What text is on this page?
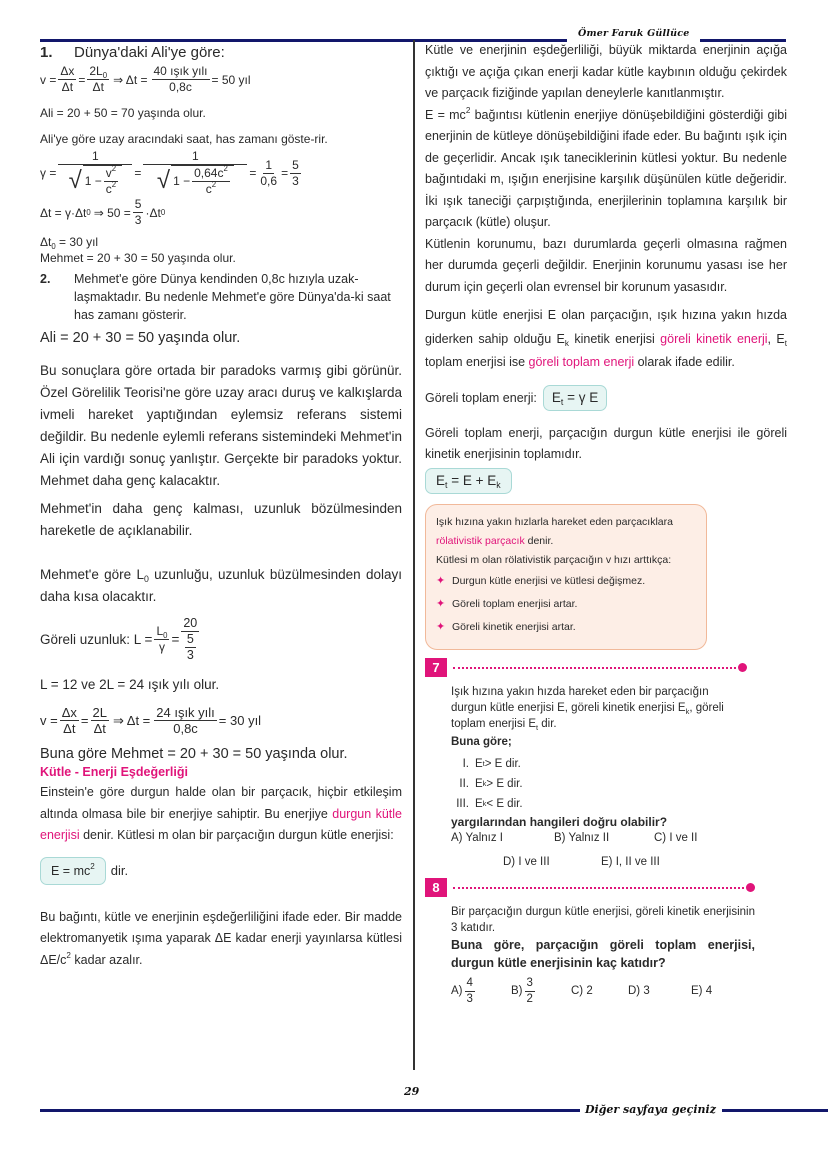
Ömer Faruk Güllüce
1.	Dünya'daki Ali'ye göre:
$v = \frac{\Delta x}{\Delta t} = \frac{2L_0}{\Delta t}$ ⇒ $\Delta t = \frac{\text{40 ışık yılı}}{0,8c} = 50$ yıl
Ali = 20 + 50 = 70 yaşında olur.
Ali'ye göre uzay aracındaki saat, has zamanı göste-rir.
$\gamma = \frac{1}{√ 1 - \frac{v^2}{c^2}} = \frac{1}{√ 1 - \frac{0,64c^2}{c^2}} = \frac{1}{0,6} = \frac{5}{3}$
Δt = γ·Δt 0 ⇒ $50 = \frac{5}{3} \cdot\Delta t$ 0
$\Delta t_0 = 30$ yıl
Mehmet = 20 + 30 = 50 yaşında olur.
2.	Mehmet'e göre Dünya kendinden 0,8c hızıyla uzak-laşmaktadır. Bu nedenle Mehmet'e göre Dünya'da-ki saat has zamanı gösterir.
Ali = 20 + 30 = 50 yaşında olur.
Bu sonuçlara göre ortada bir paradoks varmış gibi görünür. Özel Görelilik Teorisi'ne göre uzay aracı duruş ve kalkışlarda ivmeli hareket yaptığından eylemsiz referans sistemi değildir. Bu nedenle eylemli referans sistemindeki Mehmet'in Ali için vardığı sonuç yanlıştır. Gerçekte bir paradoks yoktur. Mehmet daha genç kalacaktır.
Mehmet'in daha genç kalması, uzunluk bözülmesinden hareketle de açıklanabilir.
Mehmet'e göre $L_0$ uzunluğu, uzunluk büzülmesinden dolayı daha kısa olacaktır.
Göreli uzunluk: $L = \frac{L_0}{\gamma} = \frac{20}{\frac{5}{3}}$
L = 12 ve 2L = 24 ışık yılı olur.
$v = \frac{\Delta x}{\Delta t} = \frac{2L}{\Delta t}$ ⇒ $\Delta t = \frac{\text{24 ışık yılı}}{0,8c} = 30$ yıl
Buna göre Mehmet = 20 + 30 = 50 yaşında olur.
Kütle - Enerji Eşdeğerliği
Einstein'e göre durgun halde olan bir parçacık, hiçbir etkileşim altında olmasa bile bir enerjiye sahiptir. Bu enerjiye durgun kütle enerjisi denir. Kütlesi m olan bir parçacığın durgun kütle enerjisi:
$E = mc^2$	dir.
Bu bağıntı, kütle ve enerjinin eşdeğerliliğini ifade eder. Bir madde elektromanyetik ışıma yaparak ΔE kadar enerji yayınlarsa kütlesi $\Delta E/c^2$ kadar azalır.
Kütle ve enerjinin eşdeğerliliği, büyük miktarda enerjinin açığa çıktığı ve açığa çıkan enerji kadar kütle kaybının olduğu çekirdek ve parçacık fiziğinde yapılan deneylerle kanıtlanmıştır.
$E = mc^2$ bağıntısı kütlenin enerjiye dönüşebildiğini gösterdiği gibi enerjinin de kütleye dönüşebildiğini ifade eder. Bu bağıntı ışık için de geçerlidir. Ancak ışık taneciklerinin kütlesi yoktur. Bu nedenle bağıntıdaki m, ışığın enerjisine karşılık düşünülen kütle değeridir. İki ışık taneciği çarpıştığında, enerjilerinin toplamına karşılık bir parçacık (kütle) oluşur.
Kütlenin korunumu, bazı durumlarda geçerli olmasına rağmen her durumda geçerli değildir. Enerjinin korunumu yasası ise her durum için geçerli olan evrensel bir korunum yasasıdır.
Durgun kütle enerjisi E olan parçacığın, ışık hızına yakın hızda giderken sahip olduğu $E_k$ kinetik enerjisi göreli kinetik enerji, $E_t$ toplam enerjisi ise göreli toplam enerji olarak ifade edilir.
Göreli toplam enerji:	$E_t = \gamma$ E
Göreli toplam enerji, parçacığın durgun kütle enerjisi ile göreli kinetik enerjisinin toplamıdır.
$E_t = E + E_k$
Işık hızına yakın hızlarla hareket eden parçacıklara rölativistik parçacık denir.
Kütlesi m olan rölativistik parçacığın v hızı arttıkça:
✦ Durgun kütle enerjisi ve kütlesi değişmez.
✦ Göreli toplam enerjisi artar.
✦ Göreli kinetik enerjisi artar.
7
Işık hızına yakın hızda hareket eden bir parçacığın durgun kütle enerjisi E, göreli kinetik enerjisi $E_k$, göreli toplam enerjisi $E_t$ dir.
Buna göre;
I. E t > E dir.
II. E k > E dir.
III. E k < E dir.
yargılarından hangileri doğru olabilir?
A) Yalnız I	B) Yalnız II	C) I ve II
D) I ve III	E) I, II ve III
8
Bir parçacığın durgun kütle enerjisi, göreli kinetik enerjisinin 3 katıdır.
Buna göre, parçacığın göreli toplam enerjisi, durgun kütle enerjisinin kaç katıdır?
$A) \frac{4}{3}$	$B) \frac{3}{2}$	C) 2	D) 3	E) 4
29
Diğer sayfaya geçiniz
